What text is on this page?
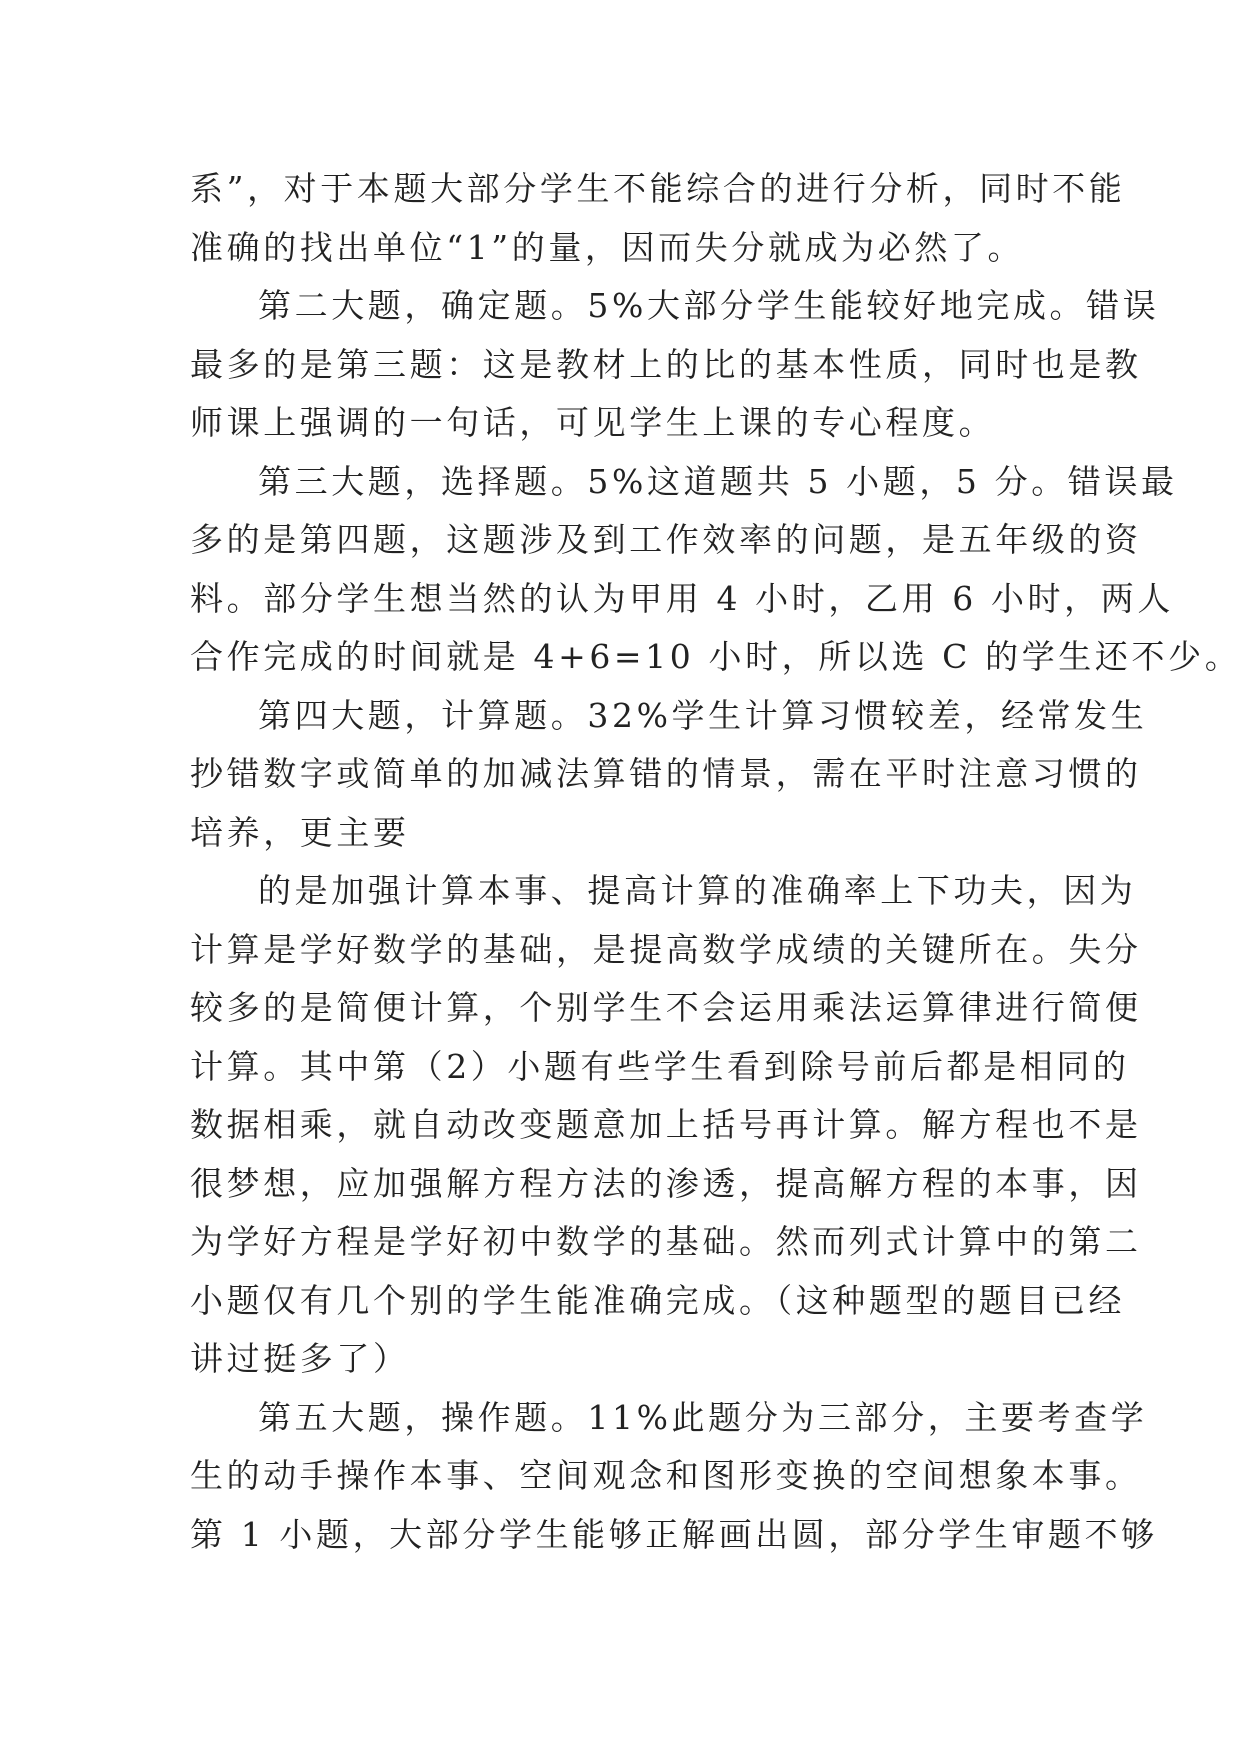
系”，对于本题大部分学生不能综合的进行分析，同时不能
准确的找出单位“1”的量，因而失分就成为必然了。
第二大题，确定题。5%大部分学生能较好地完成。错误
最多的是第三题：这是教材上的比的基本性质，同时也是教
师课上强调的一句话，可见学生上课的专心程度。
第三大题，选择题。5%这道题共 5 小题，5 分。错误最
多的是第四题，这题涉及到工作效率的问题，是五年级的资
料。部分学生想当然的认为甲用 4 小时，乙用 6 小时，两人
合作完成的时间就是 4+6=10 小时，所以选 C 的学生还不少。
第四大题，计算题。32%学生计算习惯较差，经常发生
抄错数字或简单的加减法算错的情景，需在平时注意习惯的
培养，更主要
的是加强计算本事、提高计算的准确率上下功夫，因为
计算是学好数学的基础，是提高数学成绩的关键所在。失分
较多的是简便计算，个别学生不会运用乘法运算律进行简便
计算。其中第（2）小题有些学生看到除号前后都是相同的
数据相乘，就自动改变题意加上括号再计算。解方程也不是
很梦想，应加强解方程方法的渗透，提高解方程的本事，因
为学好方程是学好初中数学的基础。然而列式计算中的第二
小题仅有几个别的学生能准确完成。（这种题型的题目已经
讲过挺多了）
第五大题，操作题。11%此题分为三部分，主要考查学
生的动手操作本事、空间观念和图形变换的空间想象本事。
第 1 小题，大部分学生能够正解画出圆，部分学生审题不够
